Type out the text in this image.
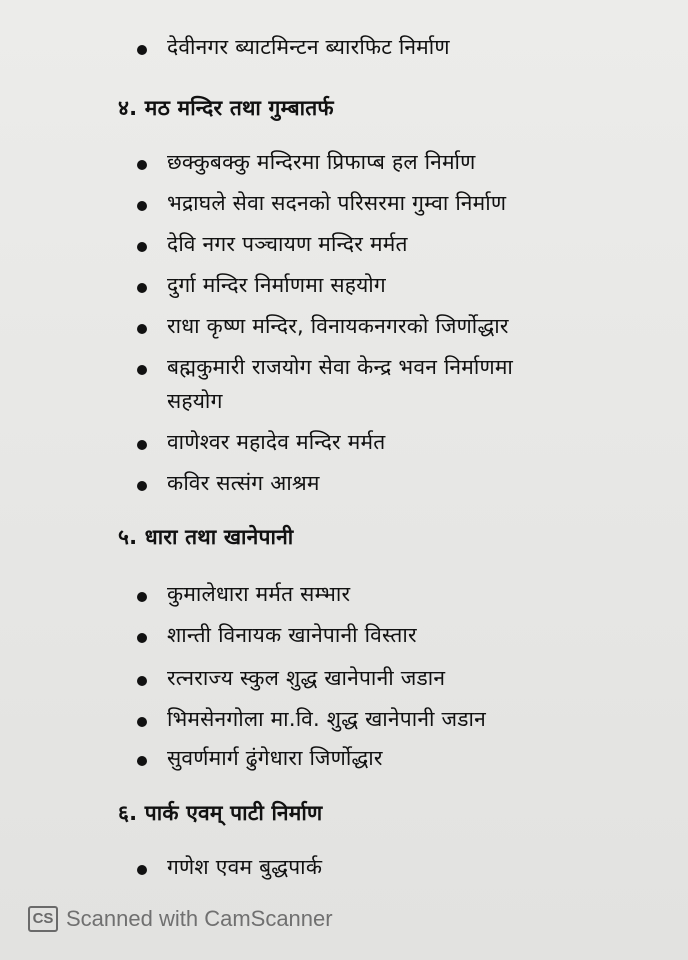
देवीनगर ब्याटमिन्टन ब्यारफिट निर्माण
४. मठ मन्दिर तथा गुम्बातर्फ
छक्कुबक्कु मन्दिरमा प्रिफाप्ब हल निर्माण
भद्राघले सेवा सदनको परिसरमा गुम्वा निर्माण
देवि नगर पञ्चायण मन्दिर मर्मत
दुर्गा मन्दिर निर्माणमा सहयोग
राधा कृष्ण मन्दिर, विनायकनगरको जिर्णोद्धार
बह्मकुमारी राजयोग सेवा केन्द्र भवन निर्माणमा
सहयोग
वाणेश्वर महादेव मन्दिर मर्मत
कविर सत्संग आश्रम
५. धारा तथा खानेपानी
कुमालेधारा मर्मत सम्भार
शान्ती विनायक खानेपानी विस्तार
रत्नराज्य स्कुल शुद्ध खानेपानी जडान
भिमसेनगोला मा.वि. शुद्ध खानेपानी जडान
सुवर्णमार्ग ढुंगेधारा जिर्णोद्धार
६. पार्क एवम् पाटी निर्माण
गणेश एवम बुद्धपार्क
CS Scanned with CamScanner
